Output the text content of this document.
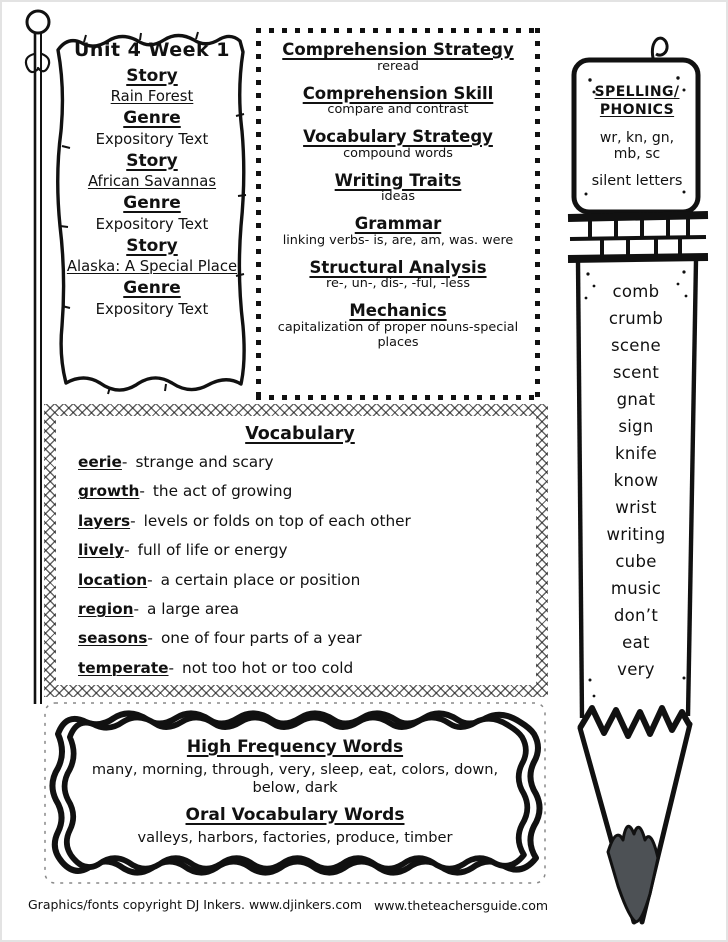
Unit 4 Week 1
Story
Rain Forest
Genre
Expository Text
Story
African Savannas
Genre
Expository Text
Story
Alaska: A Special Place
Genre
Expository Text
Comprehension Strategy
reread
Comprehension Skill
compare and contrast
Vocabulary Strategy
compound words
Writing Traits
ideas
Grammar
linking verbs- is, are, am, was. were
Structural Analysis
re-, un-, dis-, -ful, -less
Mechanics
capitalization of proper nouns-special places
SPELLING/
PHONICS
wr, kn, gn, mb, sc
silent letters
comb
crumb
scene
scent
gnat
sign
knife
know
wrist
writing
cube
music
don’t
eat
very
Vocabulary
eerie- strange and scary
growth- the act of growing
layers- levels or folds on top of each other
lively- full of life or energy
location- a certain place or position
region- a large area
seasons- one of four parts of a year
temperate- not too hot or too cold
High Frequency Words
many, morning, through, very, sleep, eat, colors, down, below, dark
Oral Vocabulary Words
valleys, harbors, factories, produce, timber
Graphics/fonts copyright DJ Inkers. www.djinkers.com www.theteachersguide.com
